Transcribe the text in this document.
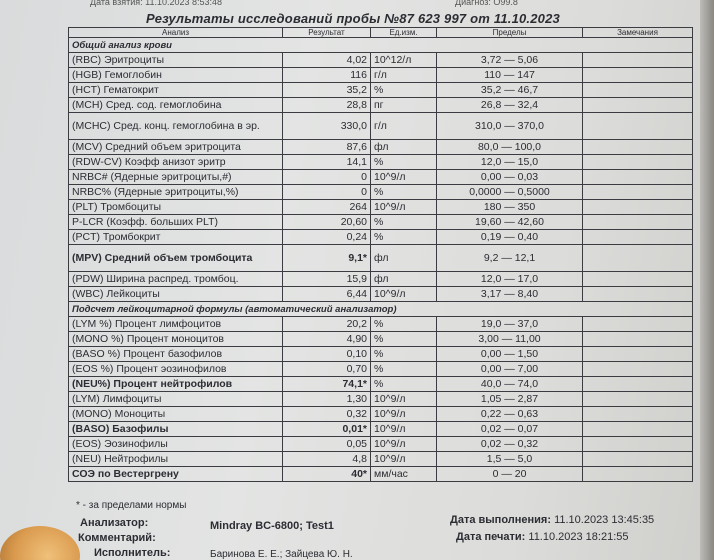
Дата взятия: 11.10.2023 8:53:48	Диагноз: O99.8
Результаты исследований пробы №87 623 997 от 11.10.2023
Анализ	Результат	Ед.изм.	Пределы	Замечания
Общий анализ крови				
(RBC) Эритроциты	4,02	10^12/л	3,72 — 5,06	
(HGB) Гемоглобин	116	г/л	110 — 147	
(HCT) Гематокрит	35,2	%	35,2 — 46,7	
(MCH) Сред. сод. гемоглобина	28,8	пг	26,8 — 32,4	
(MCHC) Сред. конц. гемоглобина в эр.	330,0	г/л	310,0 — 370,0	
(MCV) Средний объем эритроцита	87,6	фл	80,0 — 100,0	
(RDW-CV) Коэфф анизот эритр	14,1	%	12,0 — 15,0	
NRBC# (Ядерные эритроциты,#)	0	10^9/л	0,00 — 0,03	
NRBC% (Ядерные эритроциты,%)	0	%	0,0000 — 0,5000	
(PLT) Тромбоциты	264	10^9/л	180 — 350	
P-LCR (Коэфф. больших PLT)	20,60	%	19,60 — 42,60	
(PCT) Тромбокрит	0,24	%	0,19 — 0,40	
(MPV) Средний объем тромбоцита	9,1*	фл	9,2 — 12,1	
(PDW) Ширина распред. тромбоц.	15,9	фл	12,0 — 17,0	
(WBC) Лейкоциты	6,44	10^9/л	3,17 — 8,40	
Подсчет лейкоцитарной формулы (автоматический анализатор)				
(LYM %) Процент лимфоцитов	20,2	%	19,0 — 37,0	
(MONO %) Процент моноцитов	4,90	%	3,00 — 11,00	
(BASO %) Процент базофилов	0,10	%	0,00 — 1,50	
(EOS %) Процент эозинофилов	0,70	%	0,00 — 7,00	
(NEU%) Процент нейтрофилов	74,1*	%	40,0 — 74,0	
(LYM) Лимфоциты	1,30	10^9/л	1,05 — 2,87	
(MONO) Моноциты	0,32	10^9/л	0,22 — 0,63	
(BASO) Базофилы	0,01*	10^9/л	0,02 — 0,07	
(EOS) Эозинофилы	0,05	10^9/л	0,02 — 0,32	
(NEU) Нейтрофилы	4,8	10^9/л	1,5 — 5,0	
СОЭ по Вестергрену	40*	мм/час	0 — 20	
* - за пределами нормы
Анализатор:	Mindray BC-6800; Test1
Комментарий:
Исполнитель:	Баринова Е. Е.; Зайцева Ю. Н.
Дата выполнения: 11.10.2023 13:45:35
Дата печати: 11.10.2023 18:21:55
